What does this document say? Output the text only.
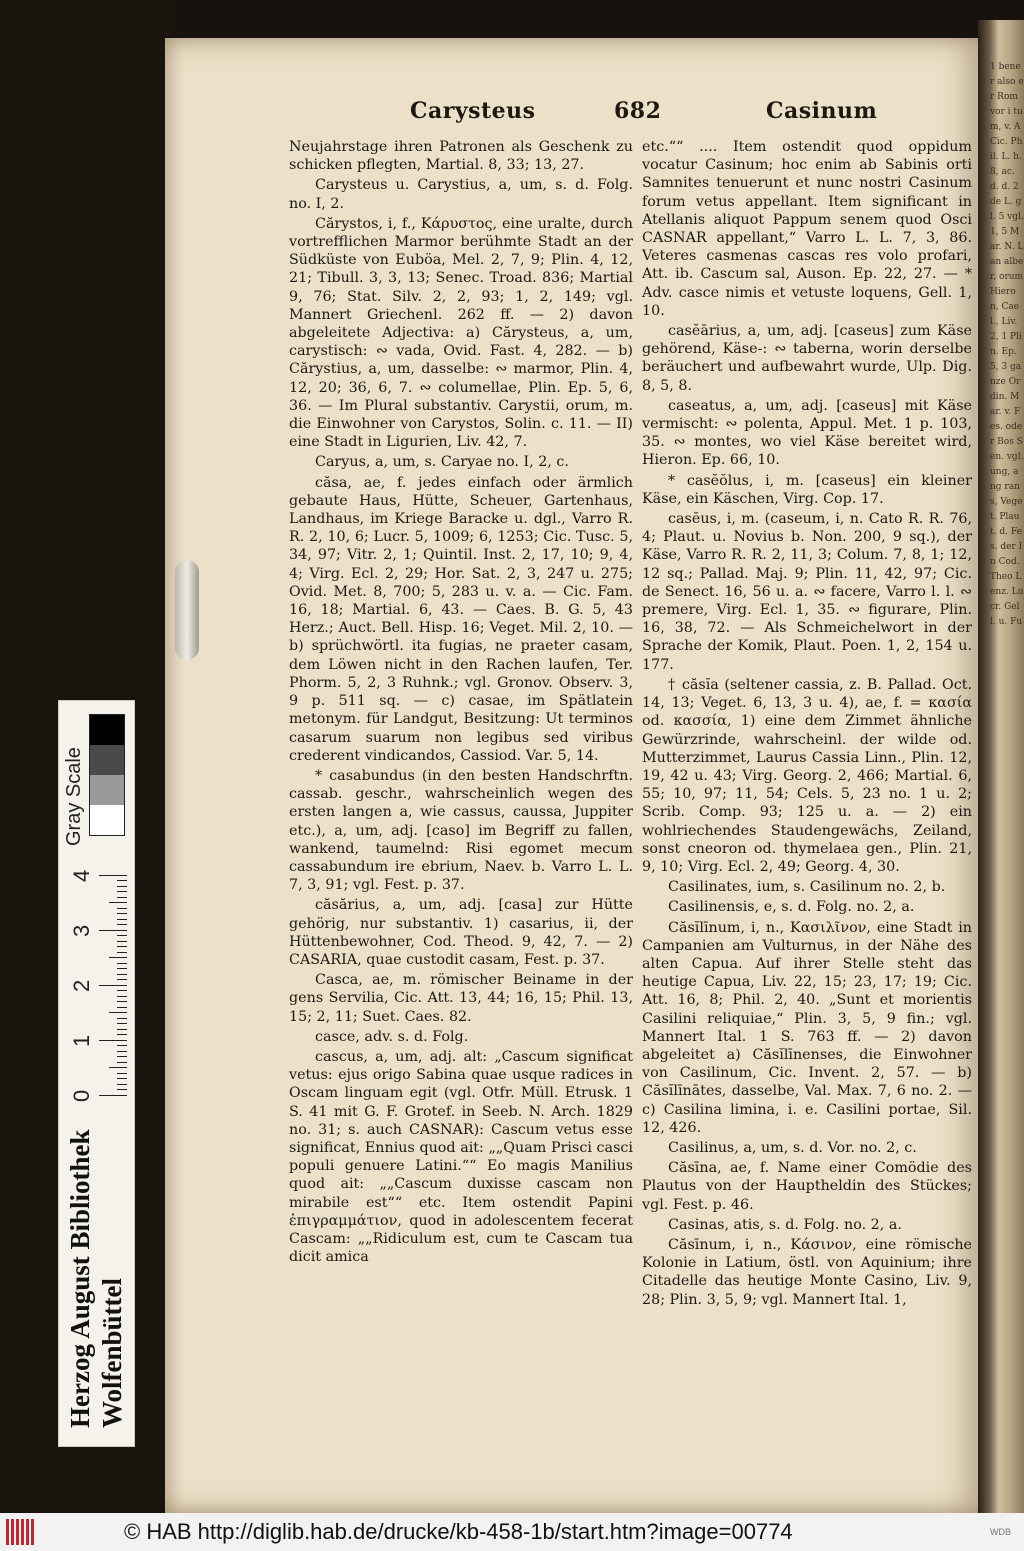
1 bener also er Rom vor i tum, v. A Cic. Phil. L. h. 8, ac. d. d. 2 de L. gl. 5 vgl. 1, 5 Mar. N. Lan alber, orum Hieron, Cael., Liv. 2, 1 Plin. Ep. 5, 3 ganze Ordin. Mar. v. Fes. oder Bos Sen. vgl. ung, ang rans, Veget. Plaut. d. Fes. der In Cod. Theo Lenz. Lucr. Gell. u. Fu
Carysteus	682	Casinum

Neujahrstage ihren Patronen als Geschenk zu schicken pflegten, Martial. 8, 33; 13, 27.

Carysteus u. Carystius, a, um, s. d. Folg. no. I, 2.

Cărystos, i, f., Κάρυστος, eine uralte, durch vortrefflichen Marmor berühmte Stadt an der Südküste von Euböa, Mel. 2, 7, 9; Plin. 4, 12, 21; Tibull. 3, 3, 13; Senec. Troad. 836; Martial 9, 76; Stat. Silv. 2, 2, 93; 1, 2, 149; vgl. Mannert Griechenl. 262 ff. — 2) davon abgeleitete Adjectiva: a) Cărysteus, a, um, carystisch: ∾ vada, Ovid. Fast. 4, 282. — b) Cărystius, a, um, dasselbe: ∾ marmor, Plin. 4, 12, 20; 36, 6, 7. ∾ columellae, Plin. Ep. 5, 6, 36. — Im Plural substantiv. Carystii, orum, m. die Einwohner von Carystos, Solin. c. 11. — II) eine Stadt in Ligurien, Liv. 42, 7.

Caryus, a, um, s. Caryae no. I, 2, c.

căsa, ae, f. jedes einfach oder ärmlich gebaute Haus, Hütte, Scheuer, Gartenhaus, Landhaus, im Kriege Baracke u. dgl., Varro R. R. 2, 10, 6; Lucr. 5, 1009; 6, 1253; Cic. Tusc. 5, 34, 97; Vitr. 2, 1; Quintil. Inst. 2, 17, 10; 9, 4, 4; Virg. Ecl. 2, 29; Hor. Sat. 2, 3, 247 u. 275; Ovid. Met. 8, 700; 5, 283 u. v. a. — Cic. Fam. 16, 18; Martial. 6, 43. — Caes. B. G. 5, 43 Herz.; Auct. Bell. Hisp. 16; Veget. Mil. 2, 10. — b) sprüchwörtl. ita fugias, ne praeter casam, dem Löwen nicht in den Rachen laufen, Ter. Phorm. 5, 2, 3 Ruhnk.; vgl. Gronov. Observ. 3, 9 p. 511 sq. — c) casae, im Spätlatein metonym. für Landgut, Besitzung: Ut terminos casarum suarum non legibus sed viribus crederent vindicandos, Cassiod. Var. 5, 14.

* casabundus (in den besten Handschrftn. cassab. geschr., wahrscheinlich wegen des ersten langen a, wie cassus, caussa, Juppiter etc.), a, um, adj. [caso] im Begriff zu fallen, wankend, taumelnd: Risi egomet mecum cassabundum ire ebrium, Naev. b. Varro L. L. 7, 3, 91; vgl. Fest. p. 37.

căsărius, a, um, adj. [casa] zur Hütte gehörig, nur substantiv. 1) casarius, ii, der Hüttenbewohner, Cod. Theod. 9, 42, 7. — 2) CASARIA, quae custodit casam, Fest. p. 37.

Casca, ae, m. römischer Beiname in der gens Servilia, Cic. Att. 13, 44; 16, 15; Phil. 13, 15; 2, 11; Suet. Caes. 82.

casce, adv. s. d. Folg.

cascus, a, um, adj. alt: „Cascum significat vetus: ejus origo Sabina quae usque radices in Oscam linguam egit (vgl. Otfr. Müll. Etrusk. 1 S. 41 mit G. F. Grotef. in Seeb. N. Arch. 1829 no. 31; s. auch CASNAR): Cascum vetus esse significat, Ennius quod ait: „„Quam Prisci casci populi genuere Latini.““ Eo magis Manilius quod ait: „„Cascum duxisse cascam non mirabile est““ etc. Item ostendit Papini ἐπιγραμμάτιον, quod in adolescentem fecerat Cascam: „„Ridiculum est, cum te Cascam tua dicit amica

etc.““ .... Item ostendit quod oppidum vocatur Casinum; hoc enim ab Sabinis orti Samnites tenuerunt et nunc nostri Casinum forum vetus appellant. Item significant in Atellanis aliquot Pappum senem quod Osci CASNAR appellant,“ Varro L. L. 7, 3, 86. Veteres casmenas cascas res volo profari, Att. ib. Cascum sal, Auson. Ep. 22, 27. — * Adv. casce nimis et vetuste loquens, Gell. 1, 10.

casĕārius, a, um, adj. [caseus] zum Käse gehörend, Käse-: ∾ taberna, worin derselbe beräuchert und aufbewahrt wurde, Ulp. Dig. 8, 5, 8.

caseatus, a, um, adj. [caseus] mit Käse vermischt: ∾ polenta, Appul. Met. 1 p. 103, 35. ∾ montes, wo viel Käse bereitet wird, Hieron. Ep. 66, 10.

* casĕŏlus, i, m. [caseus] ein kleiner Käse, ein Käschen, Virg. Cop. 17.

casĕus, i, m. (caseum, i, n. Cato R. R. 76, 4; Plaut. u. Novius b. Non. 200, 9 sq.), der Käse, Varro R. R. 2, 11, 3; Colum. 7, 8, 1; 12, 12 sq.; Pallad. Maj. 9; Plin. 11, 42, 97; Cic. de Senect. 16, 56 u. a. ∾ facere, Varro l. l. ∾ premere, Virg. Ecl. 1, 35. ∾ figurare, Plin. 16, 38, 72. — Als Schmeichelwort in der Sprache der Komik, Plaut. Poen. 1, 2, 154 u. 177.

† căsĭa (seltener cassia, z. B. Pallad. Oct. 14, 13; Veget. 6, 13, 3 u. 4), ae, f. = κασία od. κασσία, 1) eine dem Zimmet ähnliche Gewürzrinde, wahrscheinl. der wilde od. Mutterzimmet, Laurus Cassia Linn., Plin. 12, 19, 42 u. 43; Virg. Georg. 2, 466; Martial. 6, 55; 10, 97; 11, 54; Cels. 5, 23 no. 1 u. 2; Scrib. Comp. 93; 125 u. a. — 2) ein wohlriechendes Staudengewächs, Zeiland, sonst cneoron od. thymelaea gen., Plin. 21, 9, 10; Virg. Ecl. 2, 49; Georg. 4, 30.

Casilinates, ium, s. Casilinum no. 2, b.

Casilinensis, e, s. d. Folg. no. 2, a.

Căsĭlīnum, i, n., Κασιλῖνον, eine Stadt in Campanien am Vulturnus, in der Nähe des alten Capua. Auf ihrer Stelle steht das heutige Capua, Liv. 22, 15; 23, 17; 19; Cic. Att. 16, 8; Phil. 2, 40. „Sunt et morientis Casilini reliquiae,“ Plin. 3, 5, 9 fin.; vgl. Mannert Ital. 1 S. 763 ff. — 2) davon abgeleitet a) Căsĭlīnenses, die Einwohner von Casilinum, Cic. Invent. 2, 57. — b) Căsĭlīnātes, dasselbe, Val. Max. 7, 6 no. 2. — c) Casilina limina, i. e. Casilini portae, Sil. 12, 426.

Casilinus, a, um, s. d. Vor. no. 2, c.

Căsīna, ae, f. Name einer Comödie des Plautus von der Hauptheldin des Stückes; vgl. Fest. p. 46.

Casinas, atis, s. d. Folg. no. 2, a.

Căsīnum, i, n., Κάσινον, eine römische Kolonie in Latium, östl. von Aquinium; ihre Citadelle das heutige Monte Casino, Liv. 9, 28; Plin. 3, 5, 9; vgl. Mannert Ital. 1,

Herzog August Bibliothek Wolfenbüttel
0
1
2
3
4
Gray Scale
© HAB http://diglib.hab.de/drucke/kb-458-1b/start.htm?image=00774	WDB
